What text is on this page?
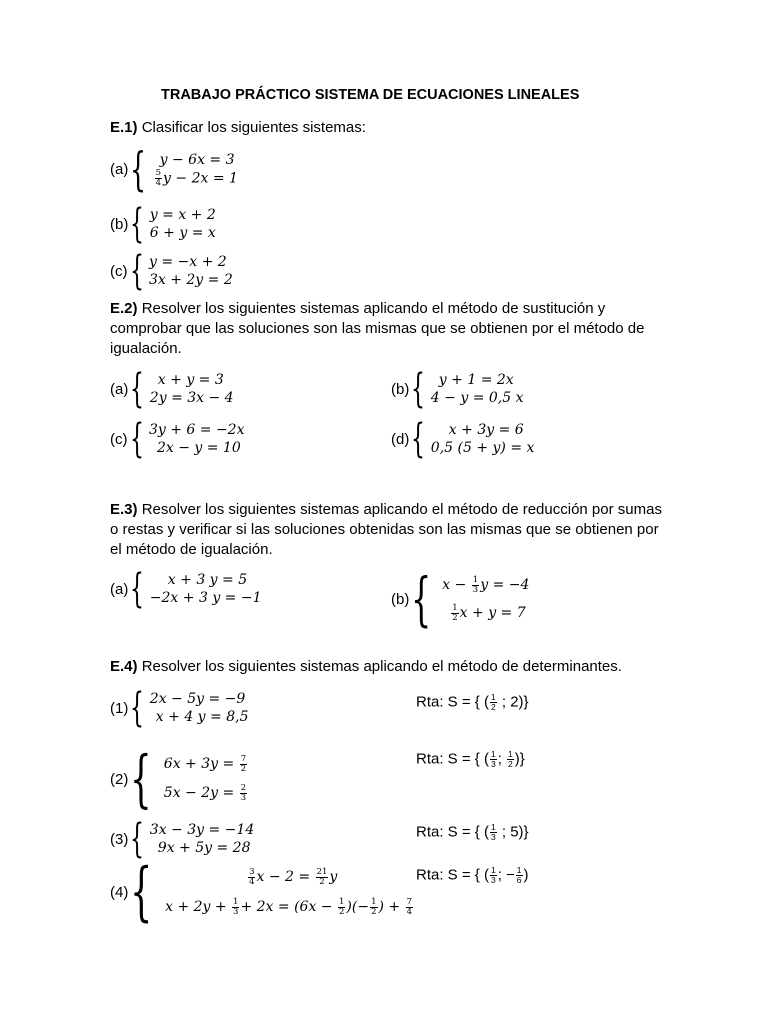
TRABAJO PRÁCTICO SISTEMA DE ECUACIONES LINEALES
E.1) Clasificar los siguientes sistemas:
(a) { y − 6x = 3
$\frac{5}{4}$ y − 2x = 1
(b) { y = x + 2
6 + y = x
(c) { y = −x + 2
3x + 2y = 2
E.2) Resolver los siguientes sistemas aplicando el método de sustitución y comprobar que las soluciones son las mismas que se obtienen por el método de igualación.
(a) { x + y = 3
2y = 3x − 4
(b) { y + 1 = 2x
4 − y = 0,5 x
(c) { 3y + 6 = −2x
2x − y = 10
(d) {	x + 3y = 6
0,5 (5 + y) = x
E.3) Resolver los siguientes sistemas aplicando el método de reducción por sumas o restas y verificar si las soluciones obtenidas son las mismas que se obtienen por el método de igualación.
(a) {	x + 3 y = 5
−2x + 3 y = −1	(b) { $x - \frac{1}{3}$ y = −4
$\frac{1}{2}$ x + y = 7
E.4) Resolver los siguientes sistemas aplicando el método de determinantes.
(1) { 2x − 5y = −9
x + 4 y = 8,5
Rta: S = { ( $\frac{1}{2}$ ; 2)}
(2) { $6x + 3y = \frac{7}{2}$
$5x - 2y = \frac{2}{3}$
Rta: S = { ( $\frac{1}{3}$ ; $\frac{1}{2}$ )}
(3) { 3x − 3y = −14
9x + 5y = 28
Rta: S = { ( $\frac{1}{3}$ ; 5)}
(4) {	$\frac{3}{4}$ $x - 2 = \frac{21}{2}$ y
$x + 2y + \frac{1}{3} + 2x = (6x - \frac{1}{2}$ )(− $\frac{1}{2}$ ) + $\frac{7}{4}$
Rta: S = { ( $\frac{1}{3}$ ; − $\frac{1}{6}$ )
